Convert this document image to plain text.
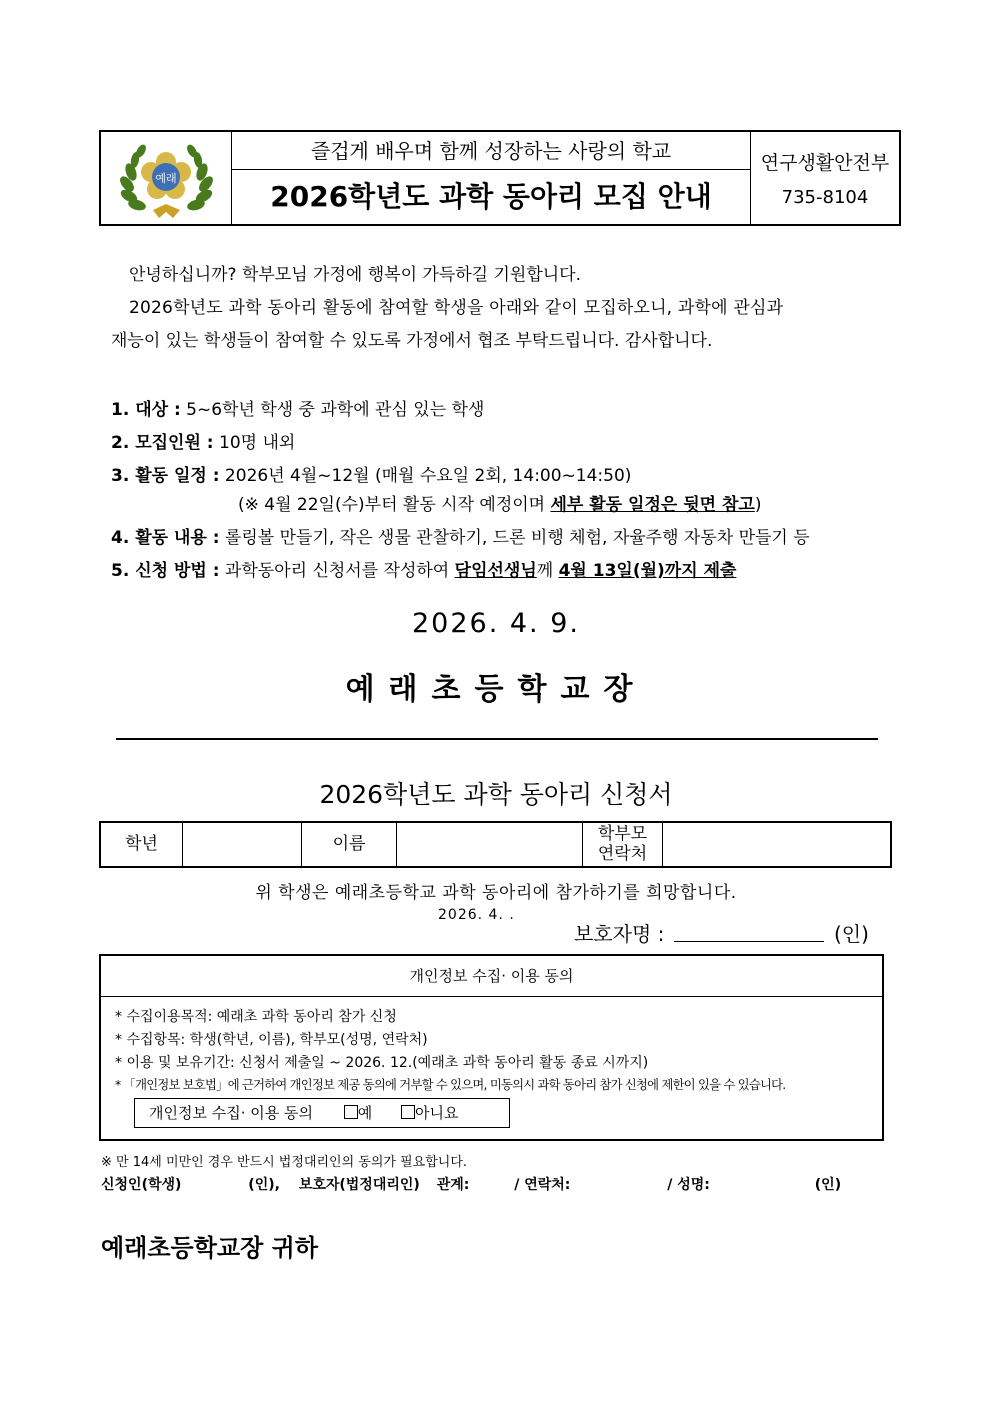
예래
즐겁게 배우며 함께 성장하는 사랑의 학교
2026학년도 과학 동아리 모집 안내
연구생활안전부
735-8104
안녕하십니까? 학부모님 가정에 행복이 가득하길 기원합니다.
2026학년도 과학 동아리 활동에 참여할 학생을 아래와 같이 모집하오니, 과학에 관심과
재능이 있는 학생들이 참여할 수 있도록 가정에서 협조 부탁드립니다. 감사합니다.
1. 대상 : 5~6학년 학생 중 과학에 관심 있는 학생
2. 모집인원 : 10명 내외
3. 활동 일정 : 2026년 4월~12월 (매월 수요일 2회, 14:00~14:50)
(※ 4월 22일(수)부터 활동 시작 예정이며 세부 활동 일정은 뒷면 참고)
4. 활동 내용 : 롤링볼 만들기, 작은 생물 관찰하기, 드론 비행 체험, 자율주행 자동차 만들기 등
5. 신청 방법 : 과학동아리 신청서를 작성하여 담임선생님께 4월 13일(월)까지 제출
2026. 4. 9.
예래초등학교장
2026학년도 과학 동아리 신청서
학년	이름	학부모
연락처
위 학생은 예래초등학교 과학 동아리에 참가하기를 희망합니다.
2026. 4. .
보호자명 :	(인)
개인정보 수집· 이용 동의
* 수집이용목적: 예래초 과학 동아리 참가 신청
* 수집항목: 학생(학년, 이름), 학부모(성명, 연락처)
* 이용 및 보유기간: 신청서 제출일 ~ 2026. 12.(예래초 과학 동아리 활동 종료 시까지)
* 「개인정보 보호법」에 근거하여 개인정보 제공 동의에 거부할 수 있으며, 미동의시 과학 동아리 참가 신청에 제한이 있을 수 있습니다.
개인정보 수집· 이용 동의	예	아니요
※ 만 14세 미만인 경우 반드시 법정대리인의 동의가 필요합니다.
신청인(학생)	(인), 보호자(법정대리인) 관계:	/ 연락처:	/ 성명:	(인)
예래초등학교장 귀하
